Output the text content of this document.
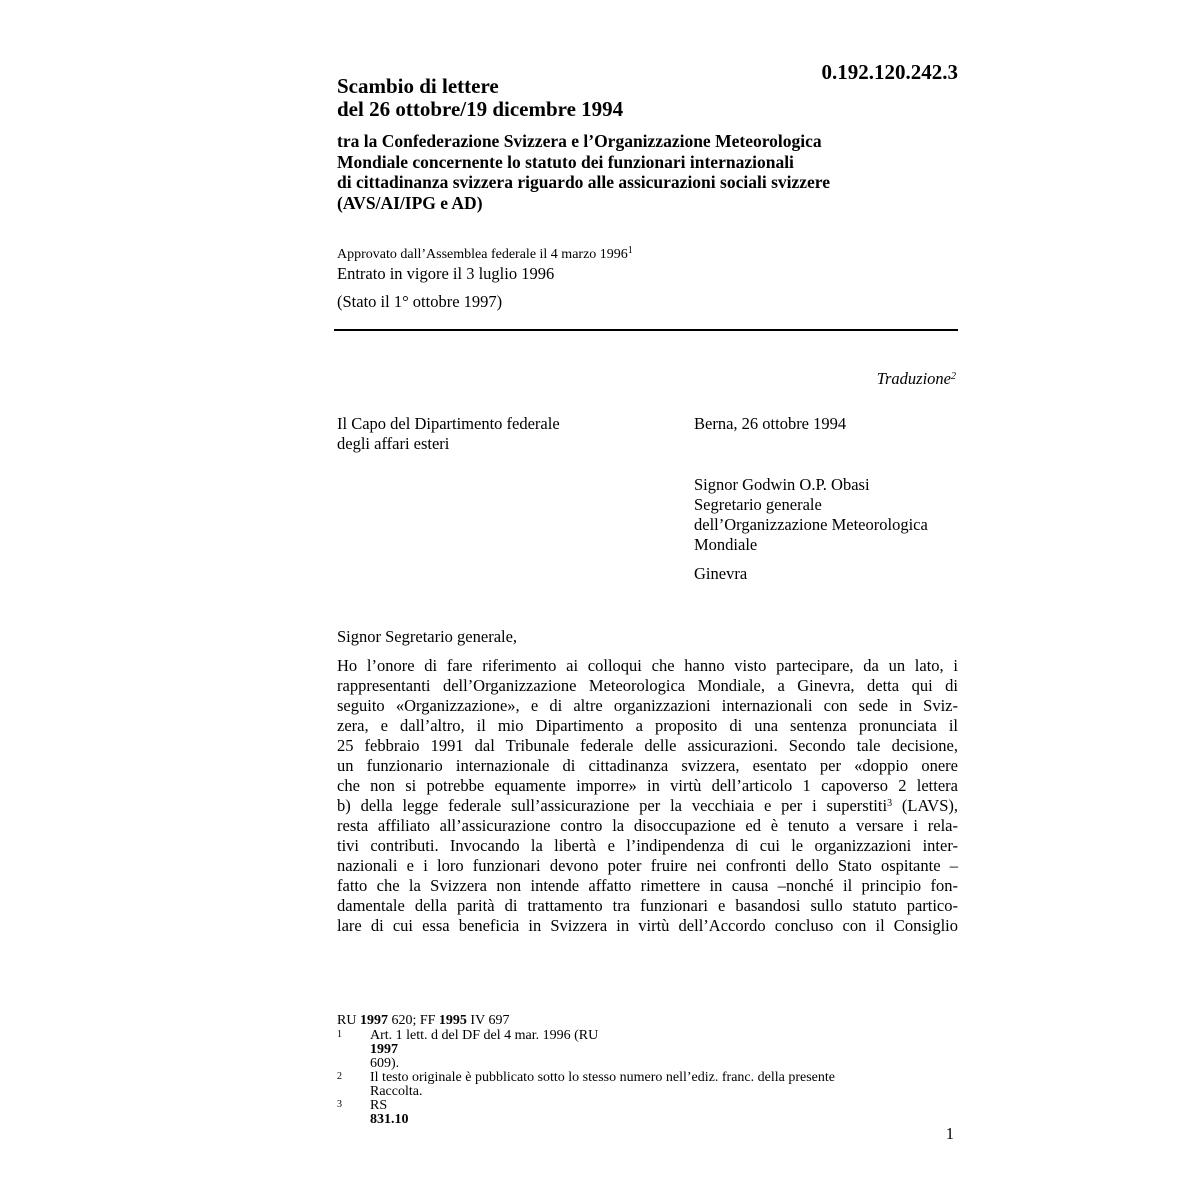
0.192.120.242.3
Scambio di lettere
del 26 ottobre/19 dicembre 1994
tra la Confederazione Svizzera e l’Organizzazione Meteorologica
Mondiale concernente lo statuto dei funzionari internazionali
di cittadinanza svizzera riguardo alle assicurazioni sociali svizzere
(AVS/AI/IPG e AD)
Approvato dall’Assemblea federale il 4 marzo 1996$^1$
Entrato in vigore il 3 luglio 1996
(Stato il 1° ottobre 1997)
Traduzione$^2$
Il Capo del Dipartimento federale
degli affari esteri
Berna, 26 ottobre 1994
Signor Godwin O.P. Obasi
Segretario generale
dell’Organizzazione Meteorologica
Mondiale
Ginevra
Signor Segretario generale,
Ho l’onore di fare riferimento ai colloqui che hanno visto partecipare, da un lato, i
rappresentanti dell’Organizzazione Meteorologica Mondiale, a Ginevra, detta qui di
seguito «Organizzazione», e di altre organizzazioni internazionali con sede in Sviz-
zera, e dall’altro, il mio Dipartimento a proposito di una sentenza pronunciata il
25 febbraio 1991 dal Tribunale federale delle assicurazioni. Secondo tale decisione,
un funzionario internazionale di cittadinanza svizzera, esentato per «doppio onere
che non si potrebbe equamente imporre» in virtù dell’articolo 1 capoverso 2 lettera
b) della legge federale sull’assicurazione per la vecchiaia e per i superstiti$^3$ (LAVS),
resta affiliato all’assicurazione contro la disoccupazione ed è tenuto a versare i rela-
tivi contributi. Invocando la libertà e l’indipendenza di cui le organizzazioni inter-
nazionali e i loro funzionari devono poter fruire nei confronti dello Stato ospitante –
fatto che la Svizzera non intende affatto rimettere in causa –nonché il principio fon-
damentale della parità di trattamento tra funzionari e basandosi sullo statuto partico-
lare di cui essa beneficia in Svizzera in virtù dell’Accordo concluso con il Consiglio
RU 1997 620; FF 1995 IV 697
1	Art. 1 lett. d del DF del 4 mar. 1996 (RU
1997
609).
2	Il testo originale è pubblicato sotto lo stesso numero nell’ediz. franc. della presente
Raccolta.
3	RS
831.10
1
